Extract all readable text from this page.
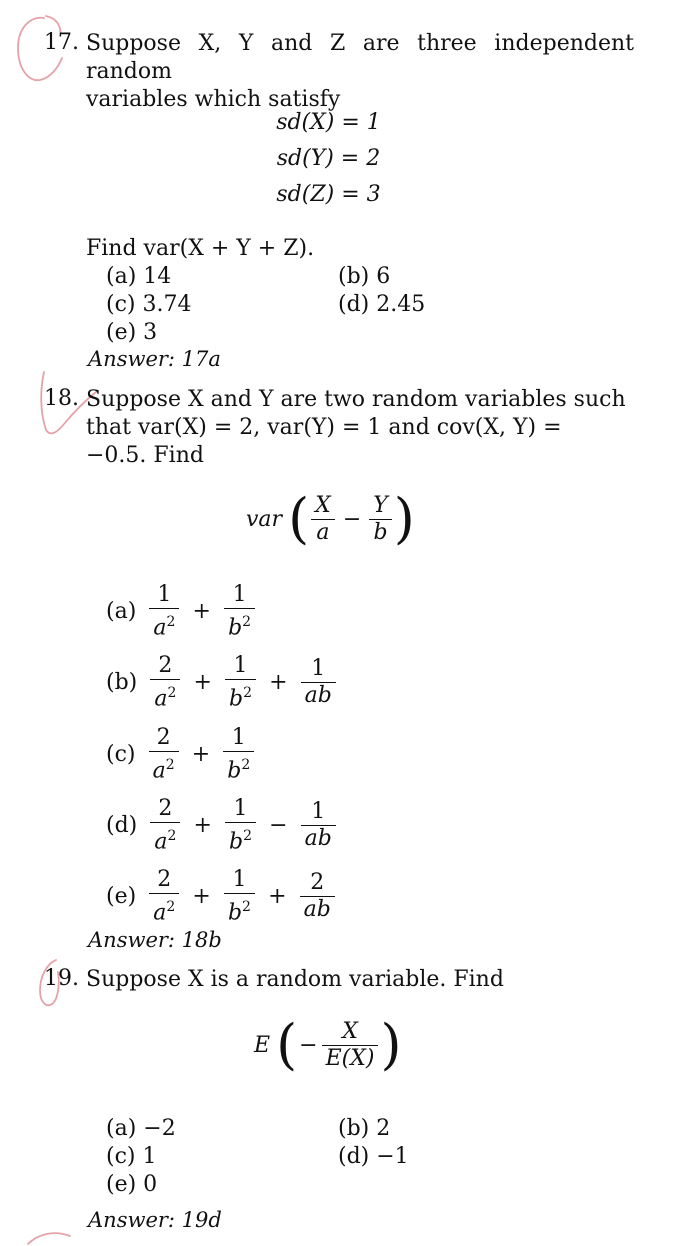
17. Suppose X, Y and Z are three independent random
variables which satisfy
sd(X) = 1
sd(Y) = 2
sd(Z) = 3
Find var(X + Y + Z).
(a) 14	(b) 6
(c) 3.74	(d) 2.45
(e) 3
Answer: 17a
18. Suppose X and Y are two random variables such
that var(X) = 2, var(Y) = 1 and cov(X, Y) =
−0.5. Find
var ( $\frac{X}{a} - \frac{Y}{b}$ )
$(a) \frac{1}{a^2} + \frac{1}{b^2}$
$(b) \frac{2}{a^2} + \frac{1}{b^2} + \frac{1}{ab}$
$(c) \frac{2}{a^2} + \frac{1}{b^2}$
$(d) \frac{2}{a^2} + \frac{1}{b^2} - \frac{1}{ab}$
$(e) \frac{2}{a^2} + \frac{1}{b^2} + \frac{2}{ab}$
Answer: 18b
19. Suppose X is a random variable. Find
E (− $\frac{X}{E(X)}$ )
(a) −2	(b) 2
(c) 1	(d) −1
(e) 0
Answer: 19d
